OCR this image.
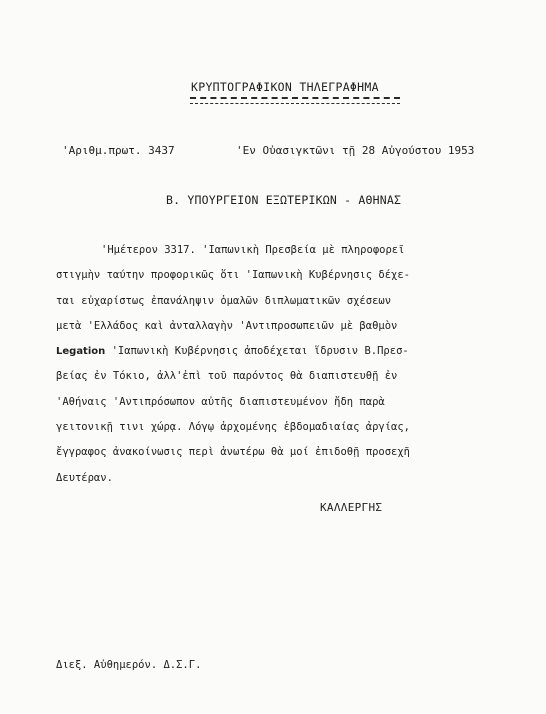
ΚΡΥΠΤΟΓΡΑΦΙΚΟΝ ΤΗΛΕΓΡΑΦΗΜΑ
'Αριθμ.πρωτ. 3437	'Εν Οὐασιγκτῶνι τῇ 28 Αὐγούστου 1953
Β. ΥΠΟΥΡΓΕΙΟΝ ΕΞΩΤΕΡΙΚΩΝ - ΑΘΗΝΑΣ
'Ημέτερον 3317. 'Ιαπωνικὴ Πρεσβεία μὲ πληροφορεῖ
στιγμὴν ταύτην προφορικῶς ὅτι 'Ιαπωνικὴ Κυβέρνησις δέχε-
ται εὐχαρίστως ἐπανάληψιν ὁμαλῶν διπλωματικῶν σχέσεων
μετὰ 'Ελλάδος καὶ ἀνταλλαγὴν 'Αντιπροσωπειῶν μὲ βαθμὸν
Legation 'Ιαπωνικὴ Κυβέρνησις ἀποδέχεται ἵδρυσιν Β.Πρεσ-
βείας ἐν Τόκιο, ἀλλ'ἐπὶ τοῦ παρόντος θὰ διαπιστευθῇ ἐν
'Αθήναις 'Αντιπρόσωπον αὐτῆς διαπιστευμένον ἤδη παρὰ
γειτονικῇ τινι χώρᾳ. Λόγῳ ἀρχομένης ἑβδομαδιαίας ἀργίας,
ἔγγραφος ἀνακοίνωσις περὶ ἀνωτέρω θὰ μοί ἐπιδοθῇ προσεχῆ
Δευτέραν.
ΚΑΛΛΕΡΓΗΣ
Διεξ. Αὐθημερόν. Δ.Σ.Γ.
